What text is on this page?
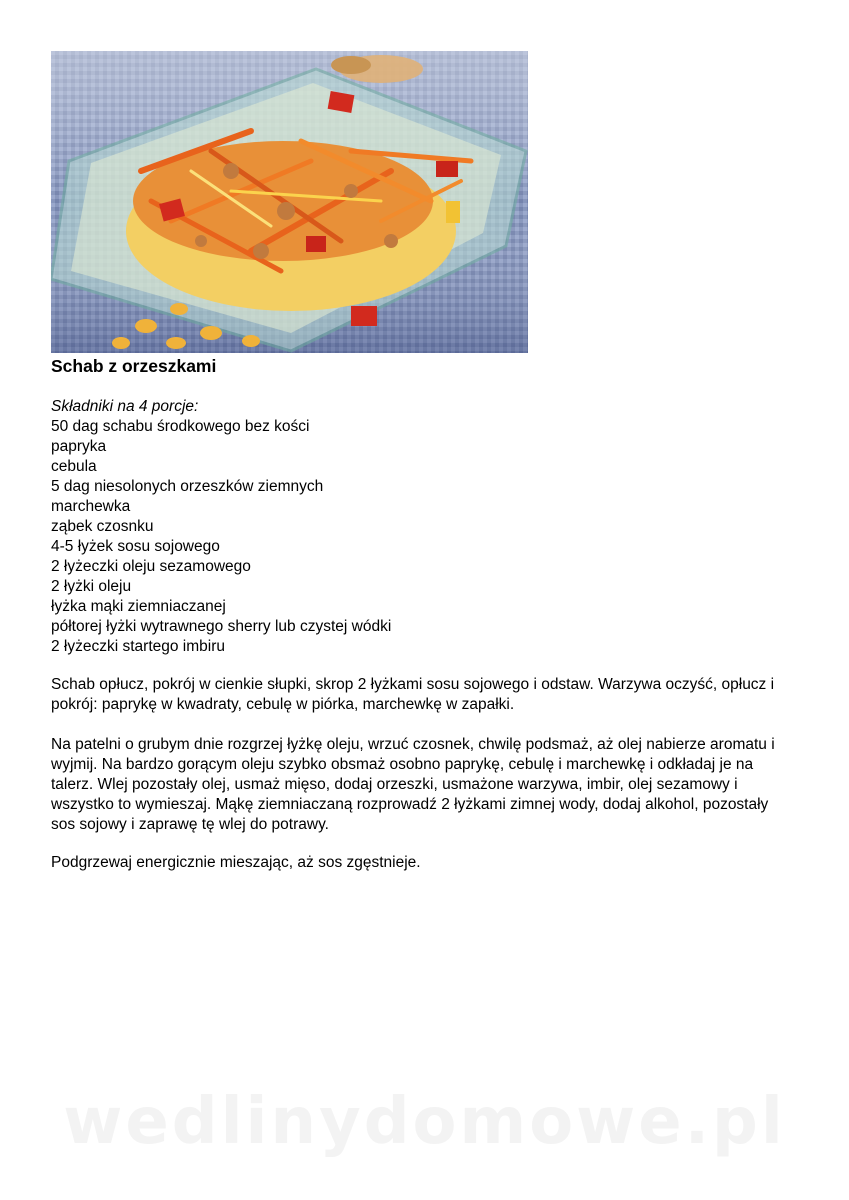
Schab z orzeszkami
Składniki na 4 porcje:
50 dag schabu środkowego bez kości
papryka
cebula
5 dag niesolonych orzeszków ziemnych
marchewka
ząbek czosnku
4-5 łyżek sosu sojowego
2 łyżeczki oleju sezamowego
2 łyżki oleju
łyżka mąki ziemniaczanej
półtorej łyżki wytrawnego sherry lub czystej wódki
2 łyżeczki startego imbiru

Schab opłucz, pokrój w cienkie słupki, skrop 2 łyżkami sosu sojowego i odstaw. Warzywa oczyść, opłucz i pokrój: paprykę w kwadraty, cebulę w piórka, marchewkę w zapałki.

Na patelni o grubym dnie rozgrzej łyżkę oleju, wrzuć czosnek, chwilę podsmaż, aż olej nabierze aromatu i wyjmij. Na bardzo gorącym oleju szybko obsmaż osobno paprykę, cebulę i marchewkę i odkładaj je na talerz. Wlej pozostały olej, usmaż mięso, dodaj orzeszki, usmażone warzywa, imbir, olej sezamowy i wszystko to wymieszaj. Mąkę ziemniaczaną rozprowadź 2 łyżkami zimnej wody, dodaj alkohol, pozostały sos sojowy i zaprawę tę wlej do potrawy.

Podgrzewaj energicznie mieszając, aż sos zgęstnieje.

wedlinydomowe.pl
